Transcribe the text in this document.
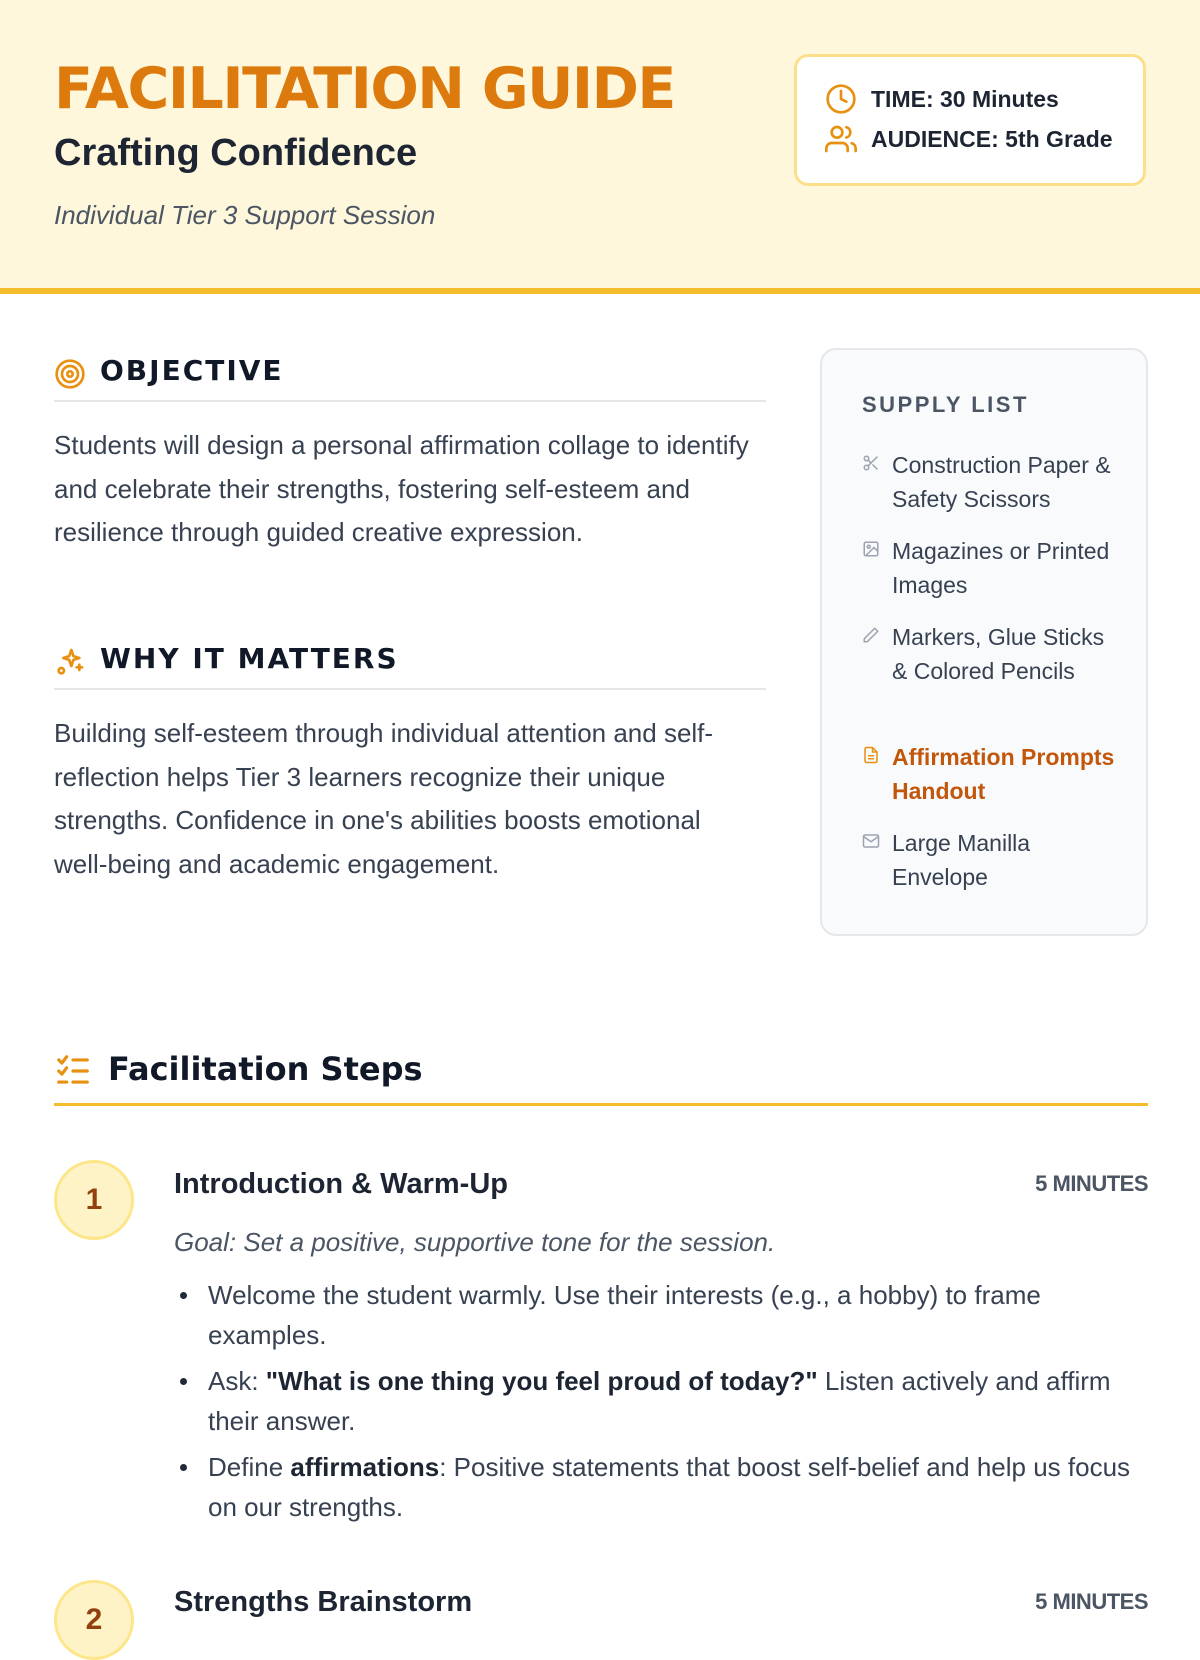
FACILITATION GUIDE
Crafting Confidence
Individual Tier 3 Support Session
TIME: 30 Minutes
AUDIENCE: 5th Grade
OBJECTIVE
Students will design a personal affirmation collage to identify and celebrate their strengths, fostering self-esteem and resilience through guided creative expression.
WHY IT MATTERS
Building self-esteem through individual attention and self-reflection helps Tier 3 learners recognize their unique strengths. Confidence in one's abilities boosts emotional well-being and academic engagement.
SUPPLY LIST
Construction Paper & Safety Scissors
Magazines or Printed Images
Markers, Glue Sticks & Colored Pencils
Affirmation Prompts Handout
Large Manilla Envelope
Facilitation Steps
1	Introduction & Warm-Up	5 MINUTES
Goal: Set a positive, supportive tone for the session.
Welcome the student warmly. Use their interests (e.g., a hobby) to frame examples.
Ask: "What is one thing you feel proud of today?" Listen actively and affirm their answer.
Define affirmations: Positive statements that boost self-belief and help us focus on our strengths.
2
Strengths Brainstorm	5 MINUTES
